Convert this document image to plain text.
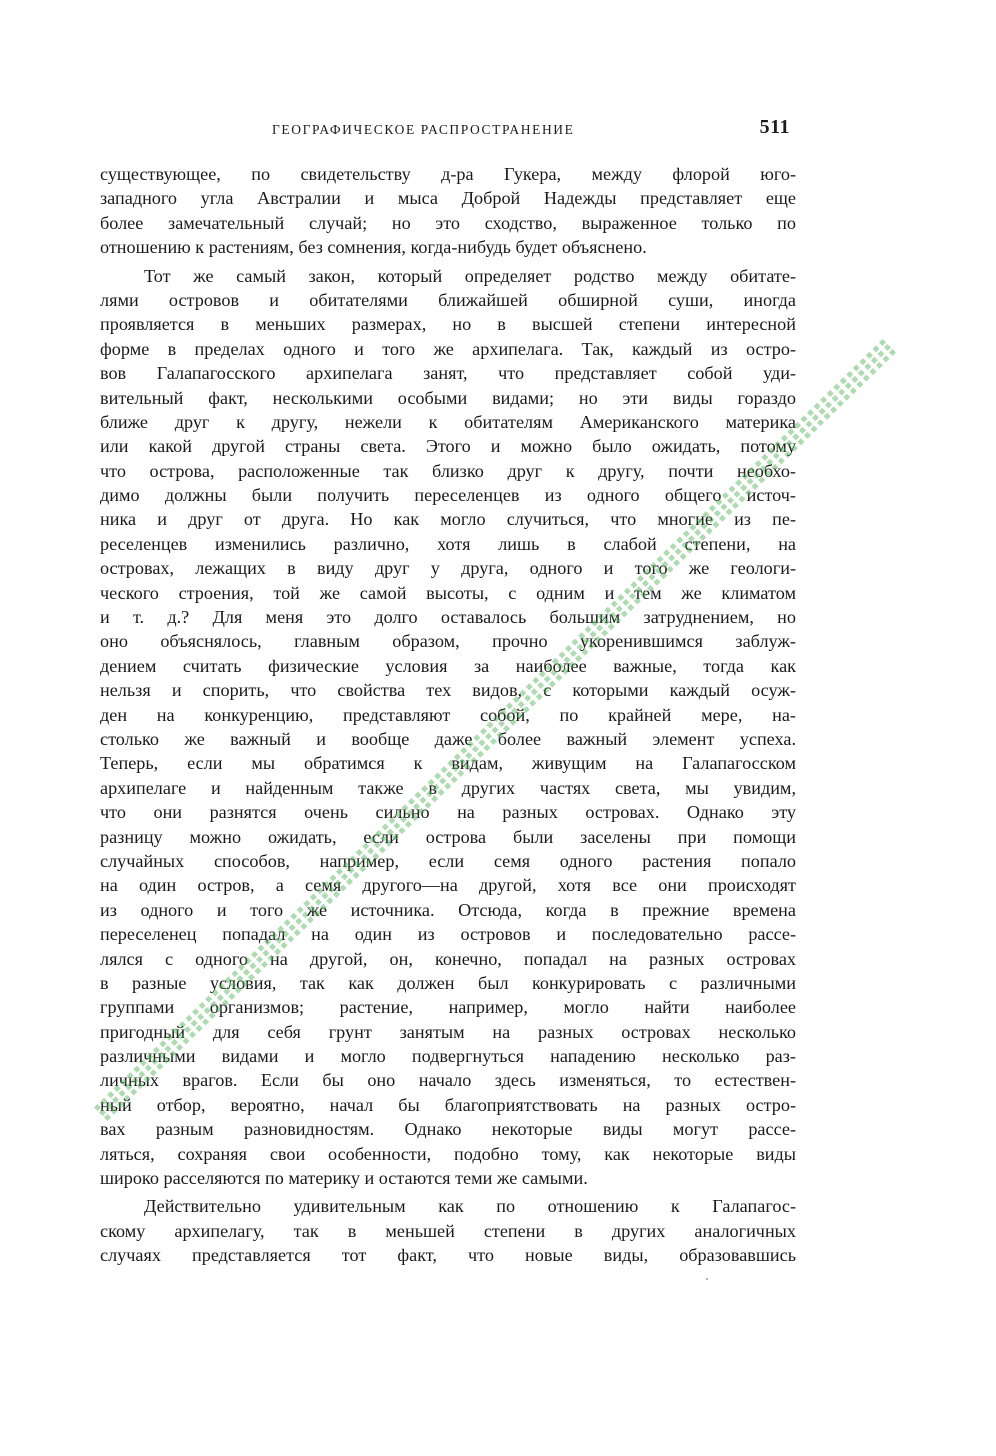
ГЕОГРАФИЧЕСКОЕ РАСПРОСТРАНЕНИЕ	511
существующее, по свидетельству д-ра Гукера, между флорой юго-
западного угла Австралии и мыса Доброй Надежды представляет еще
более замечательный случай; но это сходство, выраженное только по
отношению к растениям, без сомнения, когда-нибудь будет объяснено.
Тот же самый закон, который определяет родство между обитате-
лями островов и обитателями ближайшей обширной суши, иногда
проявляется в меньших размерах, но в высшей степени интересной
форме в пределах одного и того же архипелага. Так, каждый из остро-
вов Галапагосского архипелага занят, что представляет собой уди-
вительный факт, несколькими особыми видами; но эти виды гораздо
ближе друг к другу, нежели к обитателям Американского материка
или какой другой страны света. Этого и можно было ожидать, потому
что острова, расположенные так близко друг к другу, почти необхо-
димо должны были получить переселенцев из одного общего источ-
ника и друг от друга. Но как могло случиться, что многие из пе-
реселенцев изменились различно, хотя лишь в слабой степени, на
островах, лежащих в виду друг у друга, одного и того же геологи-
ческого строения, той же самой высоты, с одним и тем же климатом
и т. д.? Для меня это долго оставалось большим затруднением, но
оно объяснялось, главным образом, прочно укоренившимся заблуж-
дением считать физические условия за наиболее важные, тогда как
нельзя и спорить, что свойства тех видов, с которыми каждый осуж-
ден на конкуренцию, представляют собой, по крайней мере, на-
столько же важный и вообще даже более важный элемент успеха.
Теперь, если мы обратимся к видам, живущим на Галапагосском
архипелаге и найденным также в других частях света, мы увидим,
что они разнятся очень сильно на разных островах. Однако эту
разницу можно ожидать, если острова были заселены при помощи
случайных способов, например, если семя одного растения попало
на один остров, а семя другого—на другой, хотя все они происходят
из одного и того же источника. Отсюда, когда в прежние времена
переселенец попадал на один из островов и последовательно рассе-
лялся с одного на другой, он, конечно, попадал на разных островах
в разные условия, так как должен был конкурировать с различными
группами организмов; растение, например, могло найти наиболее
пригодный для себя грунт занятым на разных островах несколько
различными видами и могло подвергнуться нападению несколько раз-
личных врагов. Если бы оно начало здесь изменяться, то естествен-
ный отбор, вероятно, начал бы благоприятствовать на разных остро-
вах разным разновидностям. Однако некоторые виды могут рассе-
ляться, сохраняя свои особенности, подобно тому, как некоторые виды
широко расселяются по материку и остаются теми же самыми.
Действительно удивительным как по отношению к Галапагос-
скому архипелагу, так в меньшей степени в других аналогичных
случаях представляется тот факт, что новые виды, образовавшись
